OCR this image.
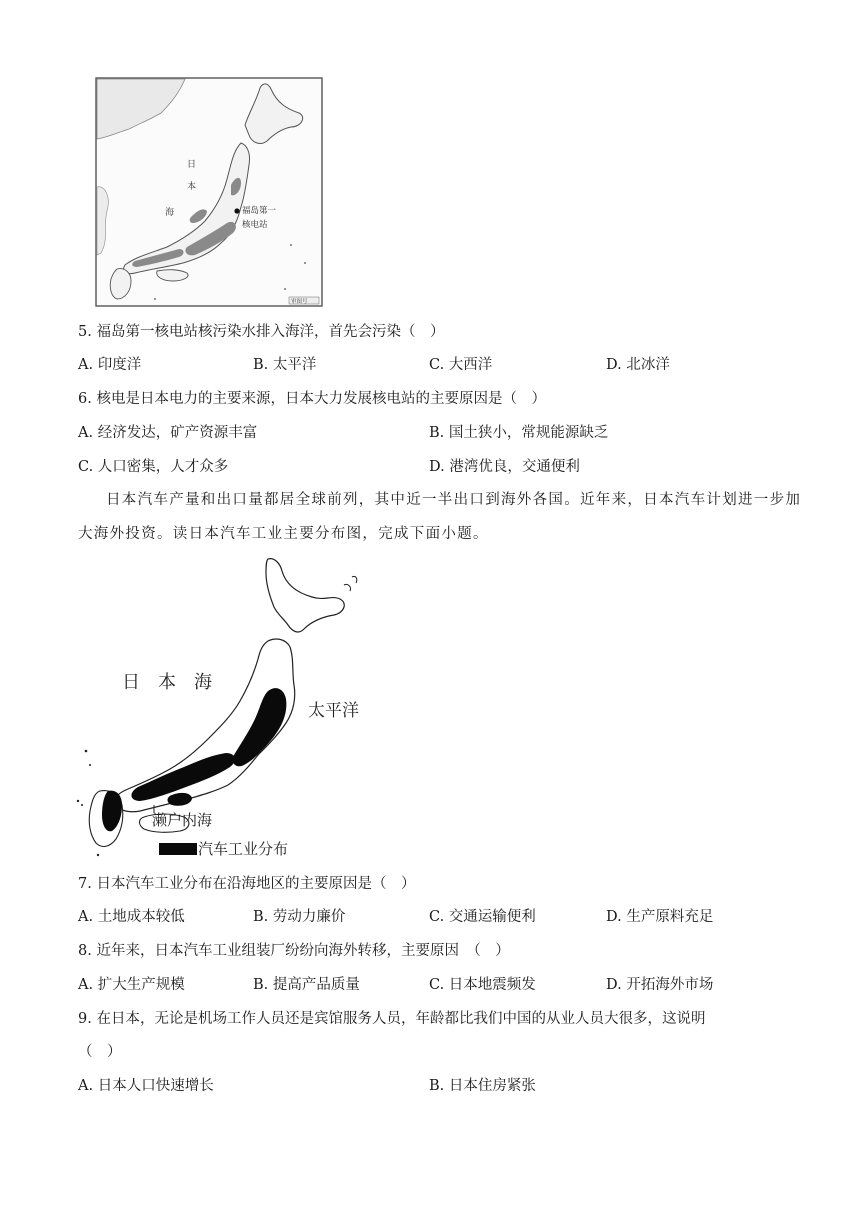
日
本
海	福岛第一
核电站
审图号
5. 福岛第一核电站核污染水排入海洋，首先会污染（　）
A. 印度洋	B. 太平洋	C. 大西洋	D. 北冰洋
6. 核电是日本电力的主要来源，日本大力发展核电站的主要原因是（　）
A. 经济发达，矿产资源丰富	B. 国土狭小，常规能源缺乏
C. 人口密集，人才众多	D. 港湾优良，交通便利
日本汽车产量和出口量都居全球前列，其中近一半出口到海外各国。近年来，日本汽车计划进一步加
大海外投资。读日本汽车工业主要分布图，完成下面小题。
日　本　海
太平洋
濑户内海
汽车工业分布
7. 日本汽车工业分布在沿海地区的主要原因是（　）
A. 土地成本较低	B. 劳动力廉价	C. 交通运输便利	D. 生产原料充足
8. 近年来，日本汽车工业组装厂纷纷向海外转移，主要原因　（　）
A. 扩大生产规模	B. 提高产品质量	C. 日本地震频发	D. 开拓海外市场
9. 在日本，无论是机场工作人员还是宾馆服务人员，年龄都比我们中国的从业人员大很多，这说明
（　）
A. 日本人口快速增长	B. 日本住房紧张
